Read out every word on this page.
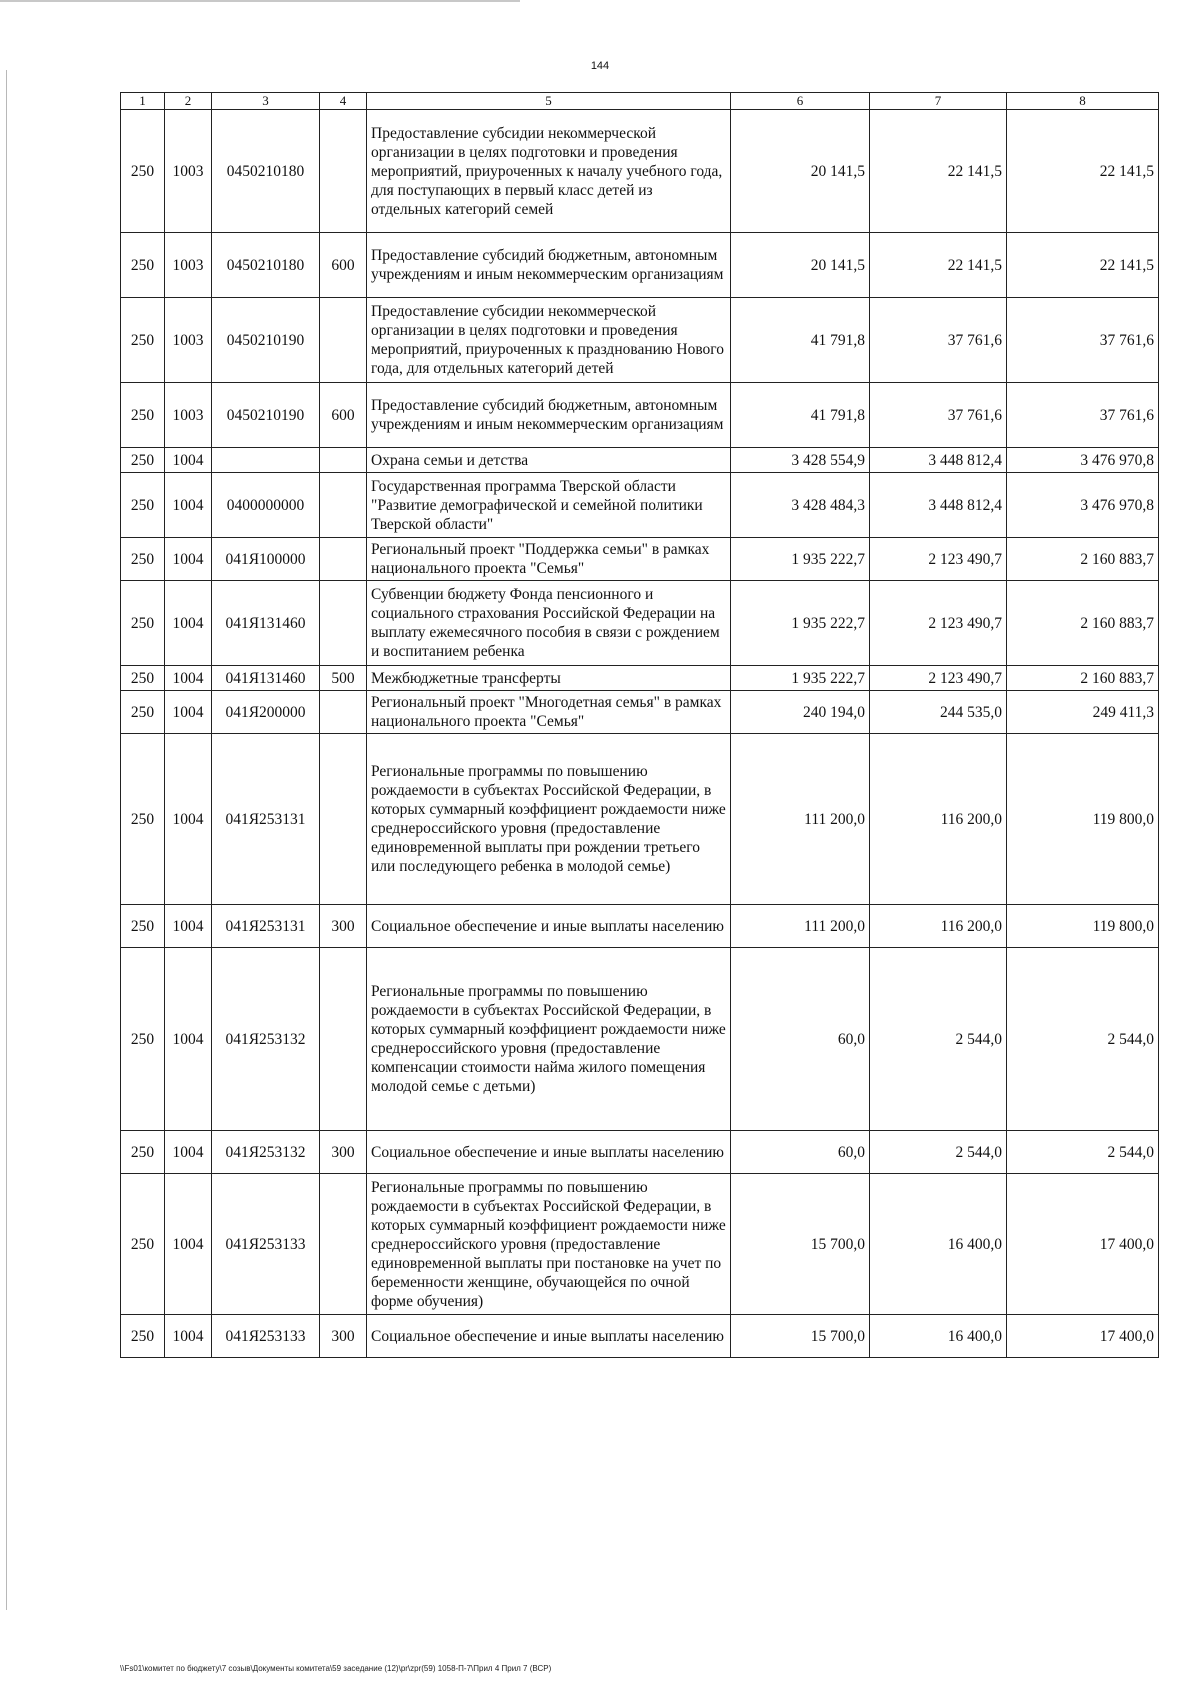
144
1	2	3	4	5	6	7	8
250	1003	0450210180		Предоставление субсидии некоммерческой организации в целях подготовки и проведения мероприятий, приуроченных к началу учебного года, для поступающих в первый класс детей из отдельных категорий семей	20 141,5	22 141,5	22 141,5
250	1003	0450210180	600	Предоставление субсидий бюджетным, автономным учреждениям и иным некоммерческим организациям	20 141,5	22 141,5	22 141,5
250	1003	0450210190		Предоставление субсидии некоммерческой организации в целях подготовки и проведения мероприятий, приуроченных к празднованию Нового года, для отдельных категорий детей	41 791,8	37 761,6	37 761,6
250	1003	0450210190	600	Предоставление субсидий бюджетным, автономным учреждениям и иным некоммерческим организациям	41 791,8	37 761,6	37 761,6
250	1004			Охрана семьи и детства	3 428 554,9	3 448 812,4	3 476 970,8
250	1004	0400000000		Государственная программа Тверской области "Развитие демографической и семейной политики Тверской области"	3 428 484,3	3 448 812,4	3 476 970,8
250	1004	041Я100000		Региональный проект "Поддержка семьи" в рамках национального проекта "Семья"	1 935 222,7	2 123 490,7	2 160 883,7
250	1004	041Я131460		Субвенции бюджету Фонда пенсионного и социального страхования Российской Федерации на выплату ежемесячного пособия в связи с рождением и воспитанием ребенка	1 935 222,7	2 123 490,7	2 160 883,7
250	1004	041Я131460	500	Межбюджетные трансферты	1 935 222,7	2 123 490,7	2 160 883,7
250	1004	041Я200000		Региональный проект "Многодетная семья" в рамках национального проекта "Семья"	240 194,0	244 535,0	249 411,3
250	1004	041Я253131		Региональные программы по повышению рождаемости в субъектах Российской Федерации, в которых суммарный коэффициент рождаемости ниже среднероссийского уровня (предоставление единовременной выплаты при рождении третьего или последующего ребенка в молодой семье)	111 200,0	116 200,0	119 800,0
250	1004	041Я253131	300	Социальное обеспечение и иные выплаты населению	111 200,0	116 200,0	119 800,0
250	1004	041Я253132		Региональные программы по повышению рождаемости в субъектах Российской Федерации, в которых суммарный коэффициент рождаемости ниже среднероссийского уровня (предоставление компенсации стоимости найма жилого помещения молодой семье с детьми)	60,0	2 544,0	2 544,0
250	1004	041Я253132	300	Социальное обеспечение и иные выплаты населению	60,0	2 544,0	2 544,0
250	1004	041Я253133		Региональные программы по повышению рождаемости в субъектах Российской Федерации, в которых суммарный коэффициент рождаемости ниже среднероссийского уровня (предоставление единовременной выплаты при постановке на учет по беременности женщине, обучающейся по очной форме обучения)	15 700,0	16 400,0	17 400,0
250	1004	041Я253133	300	Социальное обеспечение и иные выплаты населению	15 700,0	16 400,0	17 400,0
\\Fs01\комитет по бюджету\7 созыв\Документы комитета\59 заседание (12)\pr\zpr(59) 1058-П-7\Прил 4 Прил 7 (ВСР)
